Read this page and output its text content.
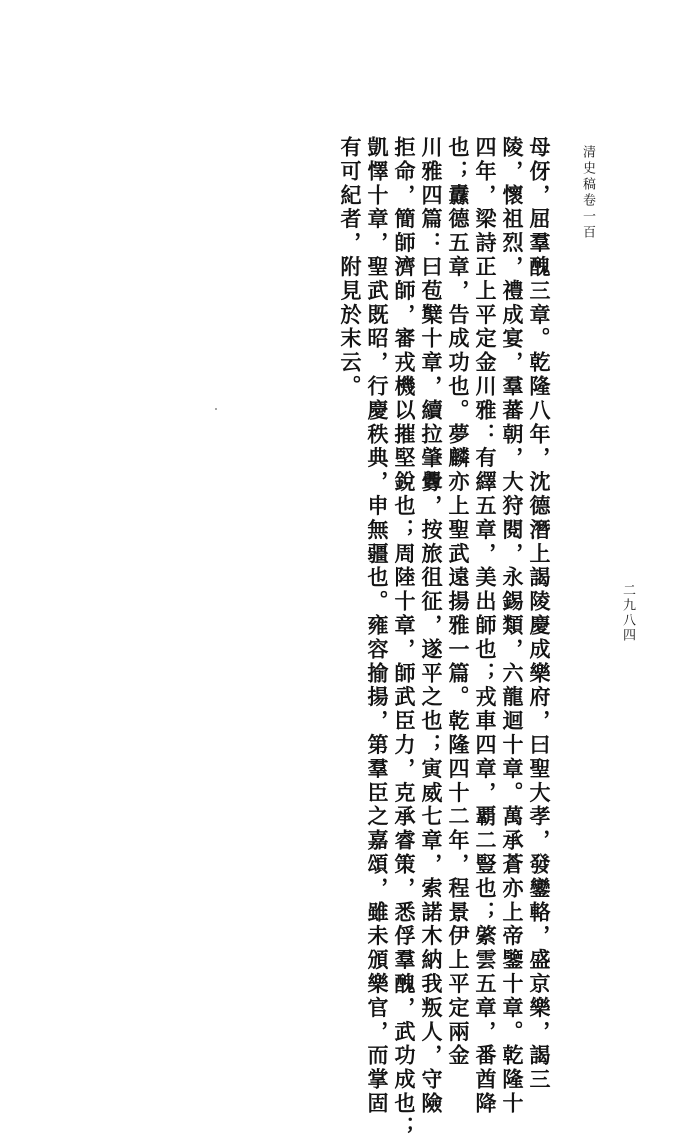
清史稿卷一百
二九八四
母伢，屈羣醜三章。乾隆八年，沈德潛上謁陵慶成樂府，曰聖大孝，發鑾輅，盛京樂，謁三
陵，懷祖烈，禮成宴，羣蕃朝，大狩閱，永錫類，六龍迴十章。萬承蒼亦上帝鑒十章。乾隆十
四年，梁詩正上平定金川雅：有繹五章，美出師也；戎車四章，覇二豎也；綮雲五章，番酋降
也；纛德五章，告成功也。夢麟亦上聖武遠揚雅一篇。乾隆四十二年，程景伊上平定兩金
川雅四篇：曰苞櫱十章，續拉肇釁，按旅徂征，遂平之也；寅威七章，索諾木納我叛人，守險
拒命，簡師濟師，審戎機以摧堅銳也；周陸十章，師武臣力，克承睿策，悉俘羣醜，武功成也；
凱懌十章，聖武既昭，行慶秩典，申無疆也。雍容揄揚，第羣臣之嘉頌，雖未頒樂官，而掌固
有可紀者，附見於末云。
